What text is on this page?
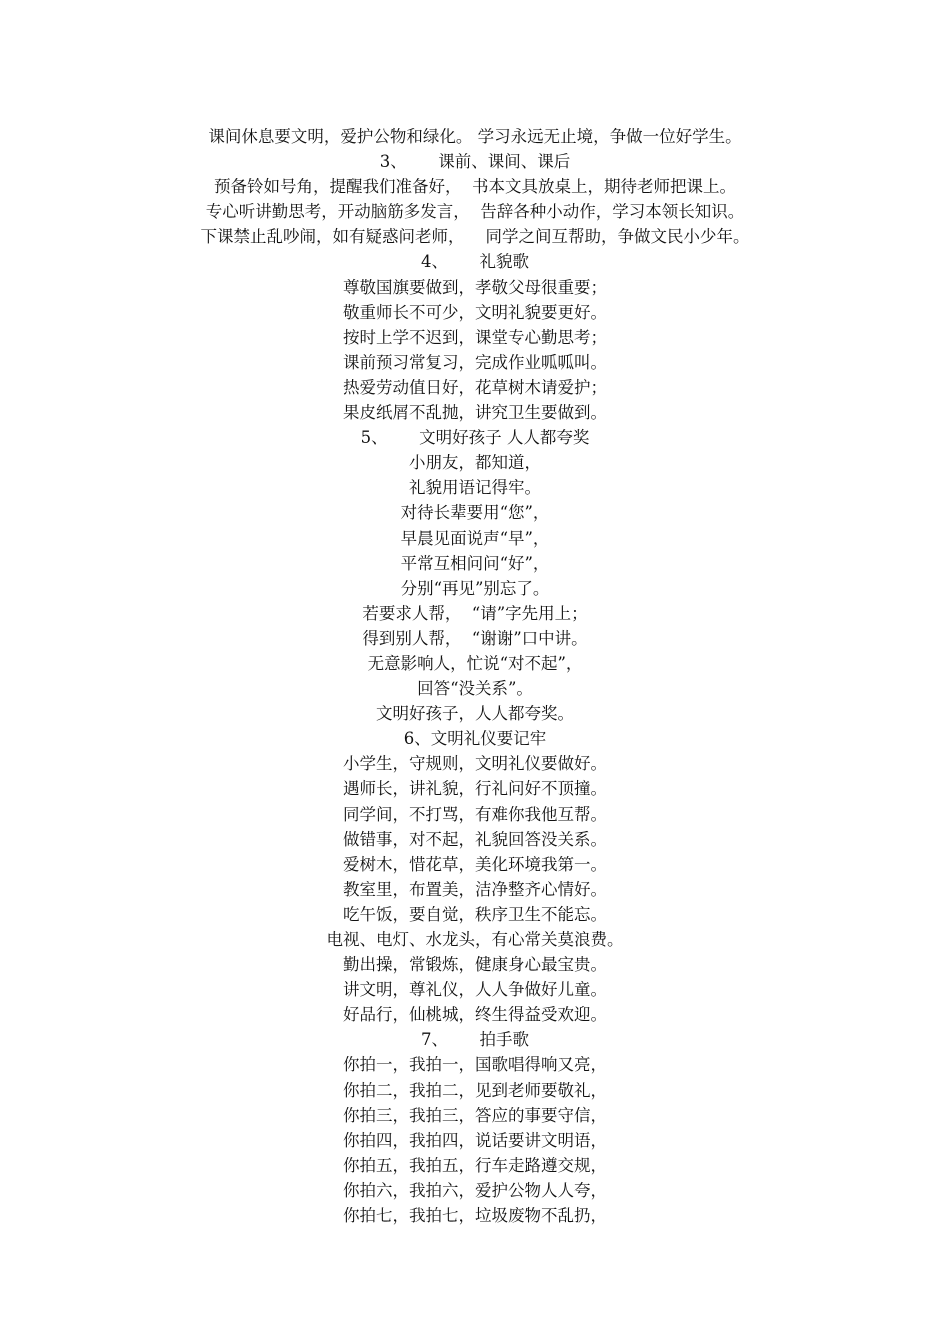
课间休息要文明，爱护公物和绿化。 学习永远无止境，争做一位好学生。
3、      课前、课间、课后
预备铃如号角，提醒我们准备好，  书本文具放桌上，期待老师把课上。
专心听讲勤思考，开动脑筋多发言，  告辞各种小动作，学习本领长知识。
下课禁止乱吵闹，如有疑惑问老师，    同学之间互帮助，争做文民小少年。
4、      礼貌歌
尊敬国旗要做到，孝敬父母很重要；
敬重师长不可少，文明礼貌要更好。
按时上学不迟到，课堂专心勤思考；
课前预习常复习，完成作业呱呱叫。
热爱劳动值日好，花草树木请爱护；
果皮纸屑不乱抛，讲究卫生要做到。
5、      文明好孩子 人人都夸奖
小朋友，都知道，
礼貌用语记得牢。
对待长辈要用“您”，
早晨见面说声“早”，
平常互相问问“好”，
分别“再见”别忘了。
若要求人帮，  “请”字先用上；
得到别人帮，  “谢谢”口中讲。
无意影响人，忙说“对不起”，
回答“没关系”。
文明好孩子，人人都夸奖。
6、文明礼仪要记牢
小学生，守规则，文明礼仪要做好。
遇师长，讲礼貌，行礼问好不顶撞。
同学间，不打骂，有难你我他互帮。
做错事，对不起，礼貌回答没关系。
爱树木，惜花草，美化环境我第一。
教室里，布置美，洁净整齐心情好。
吃午饭，要自觉，秩序卫生不能忘。
电视、电灯、水龙头，有心常关莫浪费。
勤出操，常锻炼，健康身心最宝贵。
讲文明，尊礼仪，人人争做好儿童。
好品行，仙桃城，终生得益受欢迎。
7、      拍手歌
你拍一，我拍一，国歌唱得响又亮，
你拍二，我拍二，见到老师要敬礼，
你拍三，我拍三，答应的事要守信，
你拍四，我拍四，说话要讲文明语，
你拍五，我拍五，行车走路遵交规，
你拍六，我拍六，爱护公物人人夸，
你拍七，我拍七，垃圾废物不乱扔，
